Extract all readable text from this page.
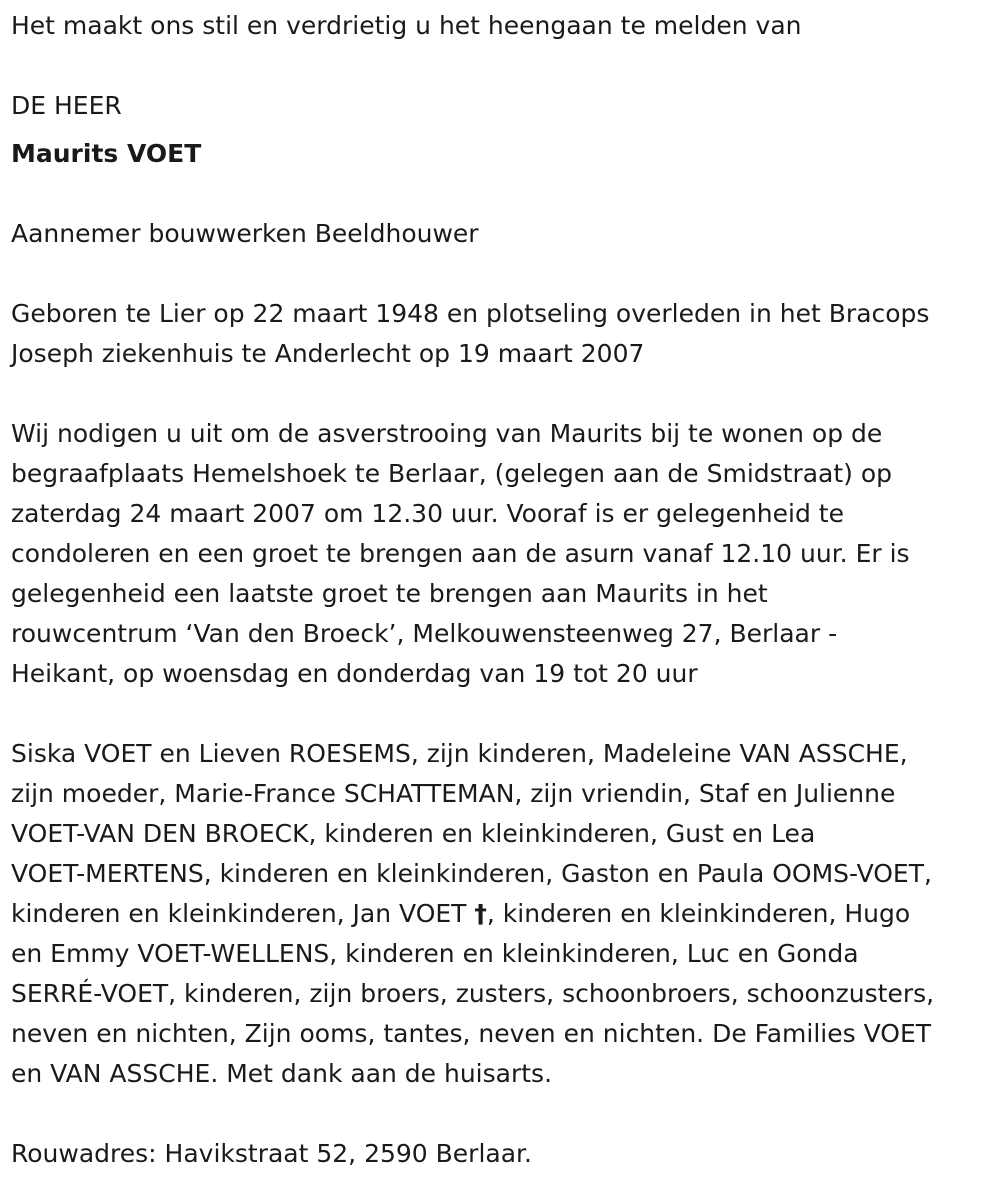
Het maakt ons stil en verdrietig u het heengaan te melden van

DE HEER

Maurits VOET

Aannemer bouwwerken Beeldhouwer

Geboren te Lier op 22 maart 1948 en plotseling overleden in het Bracops

Joseph ziekenhuis te Anderlecht op 19 maart 2007

Wij nodigen u uit om de asverstrooing van Maurits bij te wonen op de

begraafplaats Hemelshoek te Berlaar, (gelegen aan de Smidstraat) op

zaterdag 24 maart 2007 om 12.30 uur. Vooraf is er gelegenheid te

condoleren en een groet te brengen aan de asurn vanaf 12.10 uur. Er is

gelegenheid een laatste groet te brengen aan Maurits in het

rouwcentrum ‘Van den Broeck’, Melkouwensteenweg 27, Berlaar -

Heikant, op woensdag en donderdag van 19 tot 20 uur

Siska VOET en Lieven ROESEMS, zijn kinderen, Madeleine VAN ASSCHE,

zijn moeder, Marie-France SCHATTEMAN, zijn vriendin, Staf en Julienne

VOET-VAN DEN BROECK, kinderen en kleinkinderen, Gust en Lea

VOET-MERTENS, kinderen en kleinkinderen, Gaston en Paula OOMS-VOET,

kinderen en kleinkinderen, Jan VOET †, kinderen en kleinkinderen, Hugo

en Emmy VOET-WELLENS, kinderen en kleinkinderen, Luc en Gonda

SERRÉ-VOET, kinderen, zijn broers, zusters, schoonbroers, schoonzusters,

neven en nichten, Zijn ooms, tantes, neven en nichten. De Families VOET

en VAN ASSCHE. Met dank aan de huisarts.

Rouwadres: Havikstraat 52, 2590 Berlaar.
